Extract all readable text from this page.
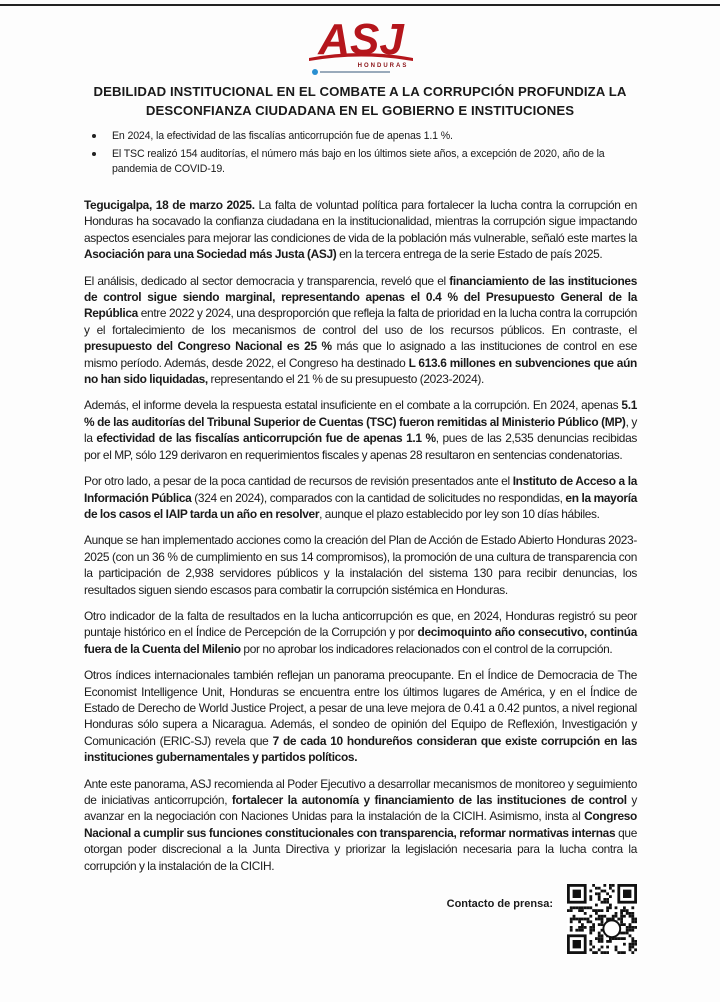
ASJ
HONDURAS
DEBILIDAD INSTITUCIONAL EN EL COMBATE A LA CORRUPCIÓN PROFUNDIZA LA DESCONFIANZA CIUDADANA EN EL GOBIERNO E INSTITUCIONES
En 2024, la efectividad de las fiscalías anticorrupción fue de apenas 1.1 %.
El TSC realizó 154 auditorías, el número más bajo en los últimos siete años, a excepción de 2020, año de la pandemia de COVID-19.

Tegucigalpa, 18 de marzo 2025. La falta de voluntad política para fortalecer la lucha contra la corrupción en Honduras ha socavado la confianza ciudadana en la institucionalidad, mientras la corrupción sigue impactando aspectos esenciales para mejorar las condiciones de vida de la población más vulnerable, señaló este martes la Asociación para una Sociedad más Justa (ASJ) en la tercera entrega de la serie Estado de país 2025.

El análisis, dedicado al sector democracia y transparencia, reveló que el financiamiento de las instituciones de control sigue siendo marginal, representando apenas el 0.4 % del Presupuesto General de la República entre 2022 y 2024, una desproporción que refleja la falta de prioridad en la lucha contra la corrupción y el fortalecimiento de los mecanismos de control del uso de los recursos públicos. En contraste, el presupuesto del Congreso Nacional es 25 % más que lo asignado a las instituciones de control en ese mismo período. Además, desde 2022, el Congreso ha destinado L 613.6 millones en subvenciones que aún no han sido liquidadas, representando el 21 % de su presupuesto (2023-2024).

Además, el informe devela la respuesta estatal insuficiente en el combate a la corrupción. En 2024, apenas 5.1 % de las auditorías del Tribunal Superior de Cuentas (TSC) fueron remitidas al Ministerio Público (MP), y la efectividad de las fiscalías anticorrupción fue de apenas 1.1 %, pues de las 2,535 denuncias recibidas por el MP, sólo 129 derivaron en requerimientos fiscales y apenas 28 resultaron en sentencias condenatorias.

Por otro lado, a pesar de la poca cantidad de recursos de revisión presentados ante el Instituto de Acceso a la Información Pública (324 en 2024), comparados con la cantidad de solicitudes no respondidas, en la mayoría de los casos el IAIP tarda un año en resolver, aunque el plazo establecido por ley son 10 días hábiles.

Aunque se han implementado acciones como la creación del Plan de Acción de Estado Abierto Honduras 2023-2025 (con un 36 % de cumplimiento en sus 14 compromisos), la promoción de una cultura de transparencia con la participación de 2,938 servidores públicos y la instalación del sistema 130 para recibir denuncias, los resultados siguen siendo escasos para combatir la corrupción sistémica en Honduras.

Otro indicador de la falta de resultados en la lucha anticorrupción es que, en 2024, Honduras registró su peor puntaje histórico en el Índice de Percepción de la Corrupción y por decimoquinto año consecutivo, continúa fuera de la Cuenta del Milenio por no aprobar los indicadores relacionados con el control de la corrupción.

Otros índices internacionales también reflejan un panorama preocupante. En el Índice de Democracia de The Economist Intelligence Unit, Honduras se encuentra entre los últimos lugares de América, y en el Índice de Estado de Derecho de World Justice Project, a pesar de una leve mejora de 0.41 a 0.42 puntos, a nivel regional Honduras sólo supera a Nicaragua. Además, el sondeo de opinión del Equipo de Reflexión, Investigación y Comunicación (ERIC-SJ) revela que 7 de cada 10 hondureños consideran que existe corrupción en las instituciones gubernamentales y partidos políticos.

Ante este panorama, ASJ recomienda al Poder Ejecutivo a desarrollar mecanismos de monitoreo y seguimiento de iniciativas anticorrupción, fortalecer la autonomía y financiamiento de las instituciones de control y avanzar en la negociación con Naciones Unidas para la instalación de la CICIH. Asimismo, insta al Congreso Nacional a cumplir sus funciones constitucionales con transparencia, reformar normativas internas que otorgan poder discrecional a la Junta Directiva y priorizar la legislación necesaria para la lucha contra la corrupción y la instalación de la CICIH.

Contacto de prensa:
